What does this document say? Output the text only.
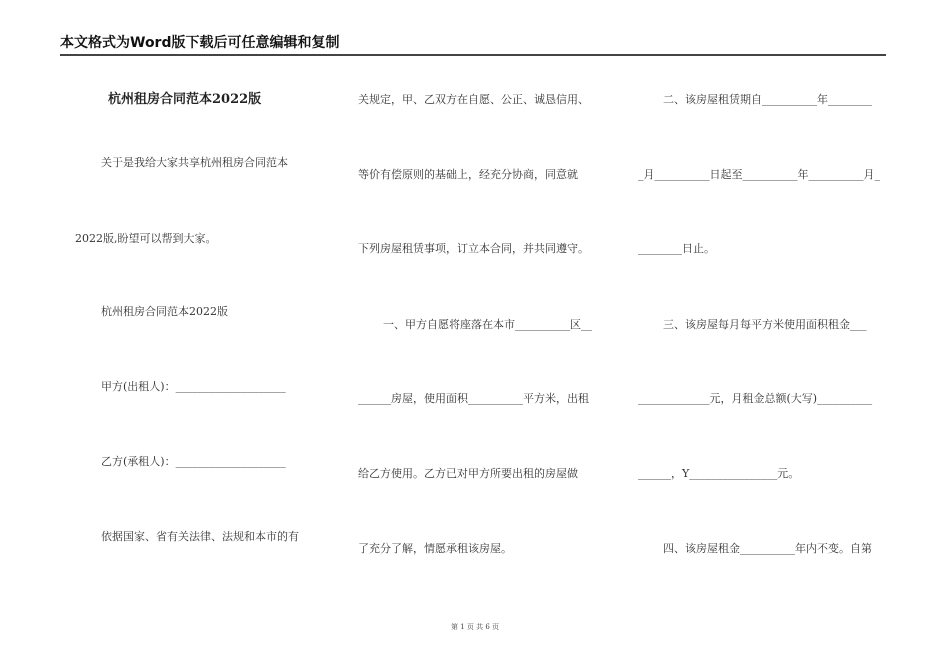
本文格式为Word版下载后可任意编辑和复制
杭州租房合同范本2022版
关于是我给大家共享杭州租房合同范本
2022版,盼望可以帮到大家。
杭州租房合同范本2022版
甲方(出租人)：____________________
乙方(承租人)：____________________
依据国家、省有关法律、法规和本市的有
关规定，甲、乙双方在自愿、公正、诚恳信用、
等价有偿原则的基础上，经充分协商，同意就
下列房屋租赁事项，订立本合同，并共同遵守。
一、甲方自愿将座落在本市__________区__
______房屋，使用面积__________平方米，出租
给乙方使用。乙方已对甲方所要出租的房屋做
了充分了解，情愿承租该房屋。
二、该房屋租赁期自__________年________
_月__________日起至__________年__________月_
________日止。
三、该房屋每月每平方米使用面积租金___
_____________元，月租金总额(大写)__________
______，Y________________元。
四、该房屋租金__________年内不变。自第
第 1 页 共 6 页
